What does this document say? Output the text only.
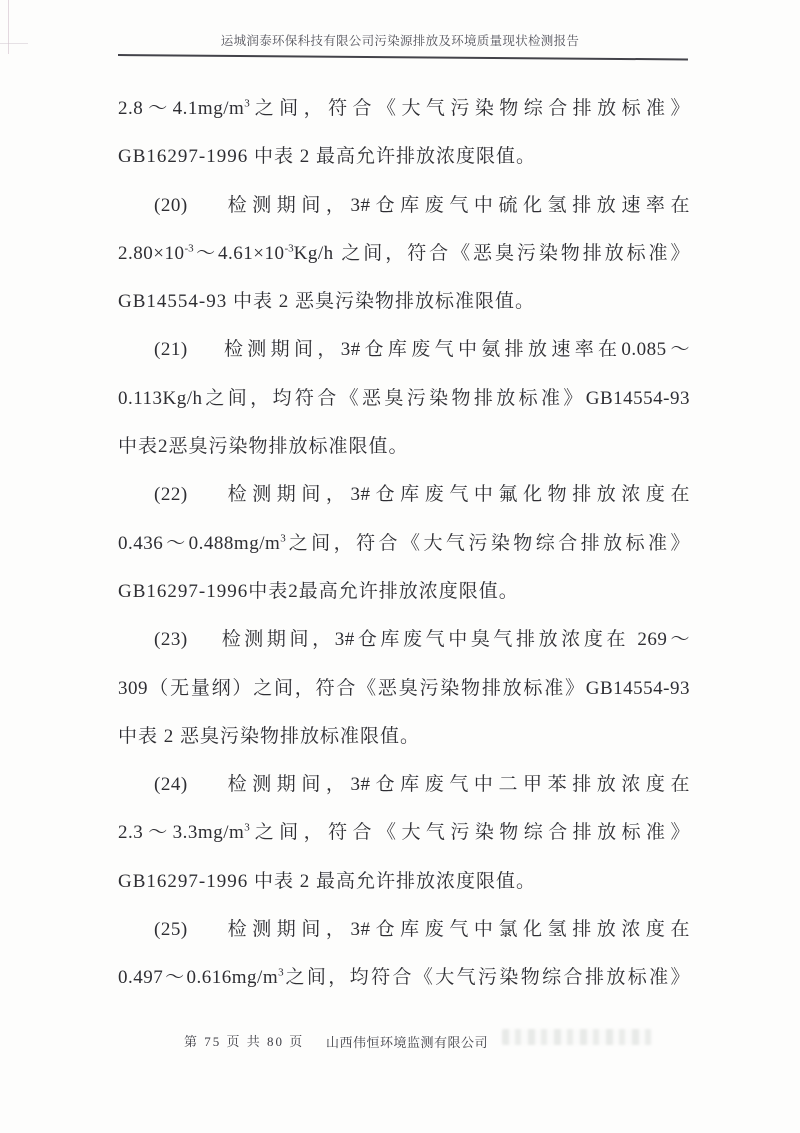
运城润泰环保科技有限公司污染源排放及环境质量现状检测报告
$2.8\sim 4.1mg/m^3$之间，符合《大气污染物综合排放标准》
GB16297-1996 中表 2 最高允许排放浓度限值。
(20)　 检测期间，3#仓库废气中硫化氢排放速率在
$2.80\times 10^{-3}\sim 4.61\times 10^{-3}Kg/h$ 之间，符合《恶臭污染物排放标准》
GB14554-93 中表 2 恶臭污染物排放标准限值。
(21)　 检测期间，3#仓库废气中氨排放速率在0.085～
0.113Kg/h之间，均符合《恶臭污染物排放标准》GB14554-93
中表2恶臭污染物排放标准限值。
(22)　 检测期间，3#仓库废气中氟化物排放浓度在
$0.436\sim 0.488mg/m^3$之间，符合《大气污染物综合排放标准》
GB16297-1996中表2最高允许排放浓度限值。
(23)　 检测期间，3#仓库废气中臭气排放浓度在 269～
309（无量纲）之间，符合《恶臭污染物排放标准》GB14554-93
中表 2 恶臭污染物排放标准限值。
(24)　 检测期间，3#仓库废气中二甲苯排放浓度在
$2.3\sim 3.3mg/m^3$之间，符合《大气污染物综合排放标准》
GB16297-1996 中表 2 最高允许排放浓度限值。
(25)　 检测期间，3#仓库废气中氯化氢排放浓度在
$0.497\sim 0.616mg/m^3$之间，均符合《大气污染物综合排放标准》
第 75 页 共 80 页 山西伟恒环境监测有限公司
